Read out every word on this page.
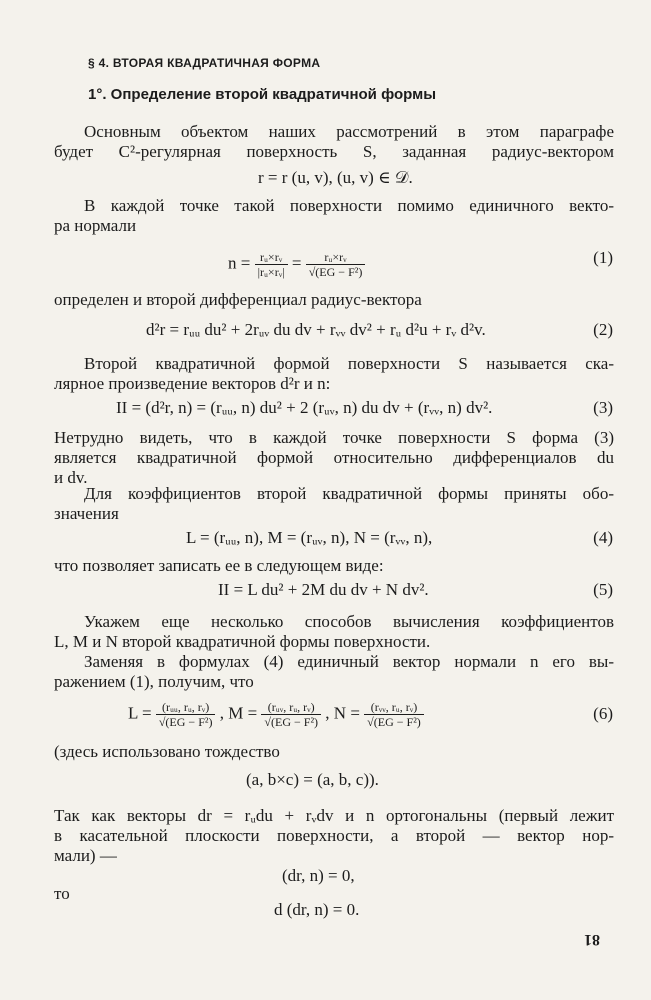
§ 4. ВТОРАЯ КВАДРАТИЧНАЯ ФОРМА
1°. Определение второй квадратичной формы
Основным объектом наших рассмотрений в этом параграфе
будет C²-регулярная поверхность S, заданная радиус-вектором
r = r (u, v), (u, v) ∈ 𝒟.
В каждой точке такой поверхности помимо единичного векто-
ра нормали
$n = \frac{\text{rᵤ×rᵥ}}{\text{|rᵤ×rᵥ|}} = \frac{\text{rᵤ×rᵥ}}{\text{√(EG − F²)}}$	(1)
определен и второй дифференциал радиус-вектора
d²r = rᵤᵤ du² + 2rᵤᵥ du dv + rᵥᵥ dv² + rᵤ d²u + rᵥ d²v.	(2)
Второй квадратичной формой поверхности S называется ска-
лярное произведение векторов d²r и n:
II = (d²r, n) = (rᵤᵤ, n) du² + 2 (rᵤᵥ, n) du dv + (rᵥᵥ, n) dv².	(3)
Нетрудно видеть, что в каждой точке поверхности S форма (3)
является квадратичной формой относительно дифференциалов du
и dv.
Для коэффициентов второй квадратичной формы приняты обо-
значения
L = (rᵤᵤ, n), M = (rᵤᵥ, n), N = (rᵥᵥ, n),	(4)
что позволяет записать ее в следующем виде:
II = L du² + 2M du dv + N dv².	(5)
Укажем еще несколько способов вычисления коэффициентов
L, M и N второй квадратичной формы поверхности.
Заменяя в формулах (4) единичный вектор нормали n его вы-
ражением (1), получим, что
$L = \frac{\text{(rᵤᵤ, rᵤ, rᵥ)}}{\text{√(EG − F²)}}$ , $M = \frac{\text{(rᵤᵥ, rᵤ, rᵥ)}}{\text{√(EG − F²)}}$ , $N = \frac{\text{(rᵥᵥ, rᵤ, rᵥ)}}{\text{√(EG − F²)}}$	(6)
(здесь использовано тождество
(a, b×c) = (a, b, c)).
Так как векторы dr = rᵤdu + rᵥdv и n ортогональны (первый лежит
в касательной плоскости поверхности, а второй — вектор нор-
мали) —
(dr, n) = 0,
то
d (dr, n) = 0.
81
